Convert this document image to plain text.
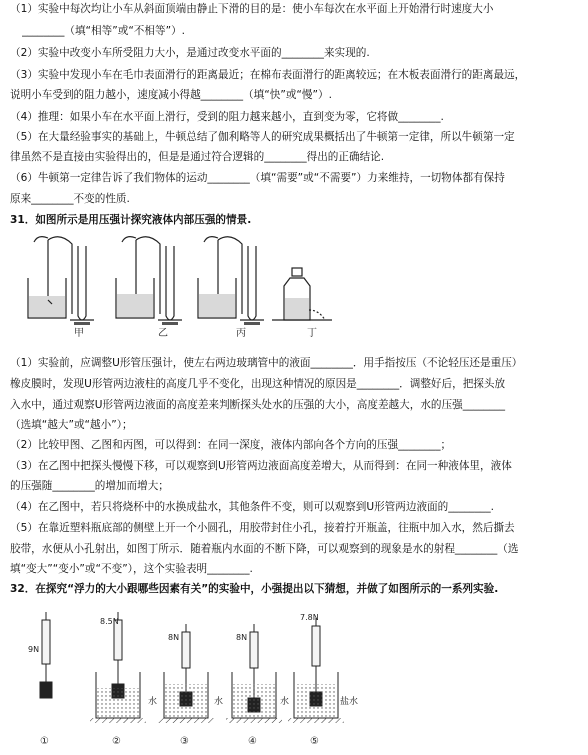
（1）实验中每次均让小车从斜面顶端由静止下滑的目的是：使小车每次在水平面上开始滑行时速度大小
________（填“相等”或“不相等”）.
（2）实验中改变小车所受阻力大小，是通过改变水平面的________来实现的.
（3）实验中发现小车在毛巾表面滑行的距离最近；在棉布表面滑行的距离较远；在木板表面滑行的距离最远，
说明小车受到的阻力越小，速度减小得越________（填“快”或“慢”）.
（4）推理：如果小车在水平面上滑行，受到的阻力越来越小，直到变为零，它将做________.
（5）在大量经验事实的基础上，牛顿总结了伽利略等人的研究成果概括出了牛顿第一定律，所以牛顿第一定
律虽然不是直接由实验得出的，但是是通过符合逻辑的________得出的正确结论.
（6）牛顿第一定律告诉了我们物体的运动________（填“需要”或“不需要”）力来维持，一切物体都有保持
原来________不变的性质.
31．如图所示是用压强计探究液体内部压强的情景.
甲	乙	丙	丁
（1）实验前，应调整U形管压强计，使左右两边玻璃管中的液面________．用手指按压（不论轻压还是重压）
橡皮膜时，发现U形管两边液柱的高度几乎不变化，出现这种情况的原因是________．调整好后，把探头放
入水中，通过观察U形管两边液面的高度差来判断探头处水的压强的大小，高度差越大，水的压强________
（选填“越大”或“越小”）；
（2）比较甲图、乙图和丙图，可以得到：在同一深度，液体内部向各个方向的压强________；
（3）在乙图中把探头慢慢下移，可以观察到U形管两边液面高度差增大，从而得到：在同一种液体里，液体
的压强随________的增加而增大；
（4）在乙图中，若只将烧杯中的水换成盐水，其他条件不变，则可以观察到U形管两边液面的________.
（5）在靠近塑料瓶底部的侧壁上开一个小圆孔，用胶带封住小孔，接着拧开瓶盖，往瓶中加入水，然后撕去
胶带，水便从小孔射出，如图丁所示．随着瓶内水面的不断下降，可以观察到的现象是水的射程________（选
填“变大”“变小”或“不变”），这个实验表明________.
32．在探究“浮力的大小跟哪些因素有关”的实验中，小强提出以下猜想，并做了如图所示的一系列实验.
9N
①
8.5N
水
②
8N
水
③
8N
水
④
7.8N
盐水
⑤
